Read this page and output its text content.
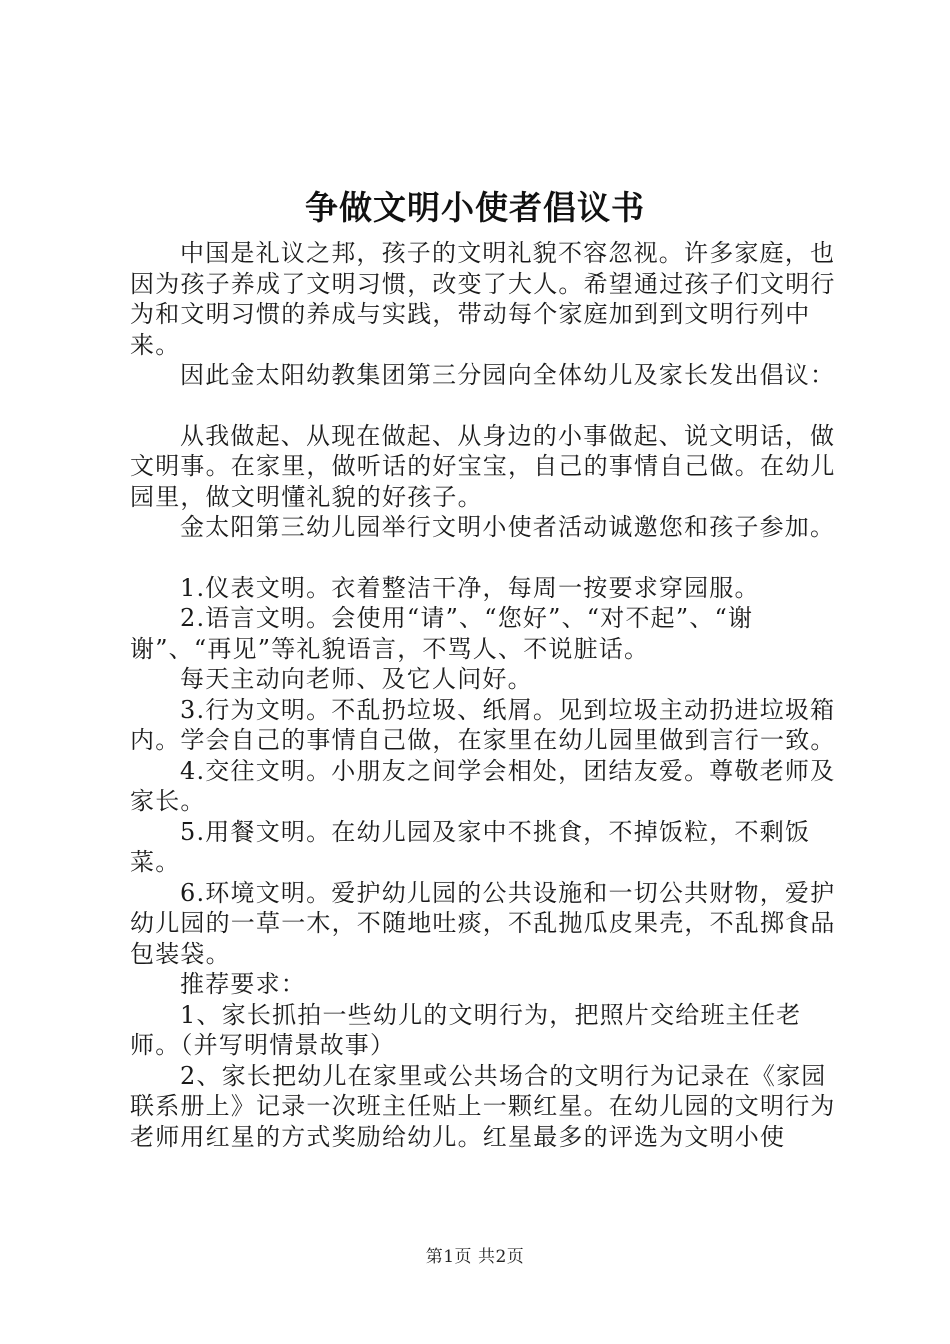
争做文明小使者倡议书

中国是礼议之邦，孩子的文明礼貌不容忽视。许多家庭，也因为孩子养成了文明习惯，改变了大人。希望通过孩子们文明行为和文明习惯的养成与实践，带动每个家庭加到到文明行列中来。

因此金太阳幼教集团第三分园向全体幼儿及家长发出倡议：

从我做起、从现在做起、从身边的小事做起、说文明话，做文明事。在家里，做听话的好宝宝，自己的事情自己做。在幼儿园里，做文明懂礼貌的好孩子。

金太阳第三幼儿园举行文明小使者活动诚邀您和孩子参加。

1.仪表文明。衣着整洁干净，每周一按要求穿园服。

2.语言文明。会使用“请”、“您好”、“对不起”、“谢谢”、“再见”等礼貌语言，不骂人、不说脏话。

每天主动向老师、及它人问好。

3.行为文明。不乱扔垃圾、纸屑。见到垃圾主动扔进垃圾箱内。学会自己的事情自己做，在家里在幼儿园里做到言行一致。

4.交往文明。小朋友之间学会相处，团结友爱。尊敬老师及家长。

5.用餐文明。在幼儿园及家中不挑食，不掉饭粒，不剩饭菜。

6.环境文明。爱护幼儿园的公共设施和一切公共财物，爱护幼儿园的一草一木，不随地吐痰，不乱抛瓜皮果壳，不乱掷食品包装袋。

推荐要求：

1、家长抓拍一些幼儿的文明行为，把照片交给班主任老师。（并写明情景故事）

2、家长把幼儿在家里或公共场合的文明行为记录在《家园联系册上》记录一次班主任贴上一颗红星。在幼儿园的文明行为老师用红星的方式奖励给幼儿。红星最多的评选为文明小使

第1页 共2页
